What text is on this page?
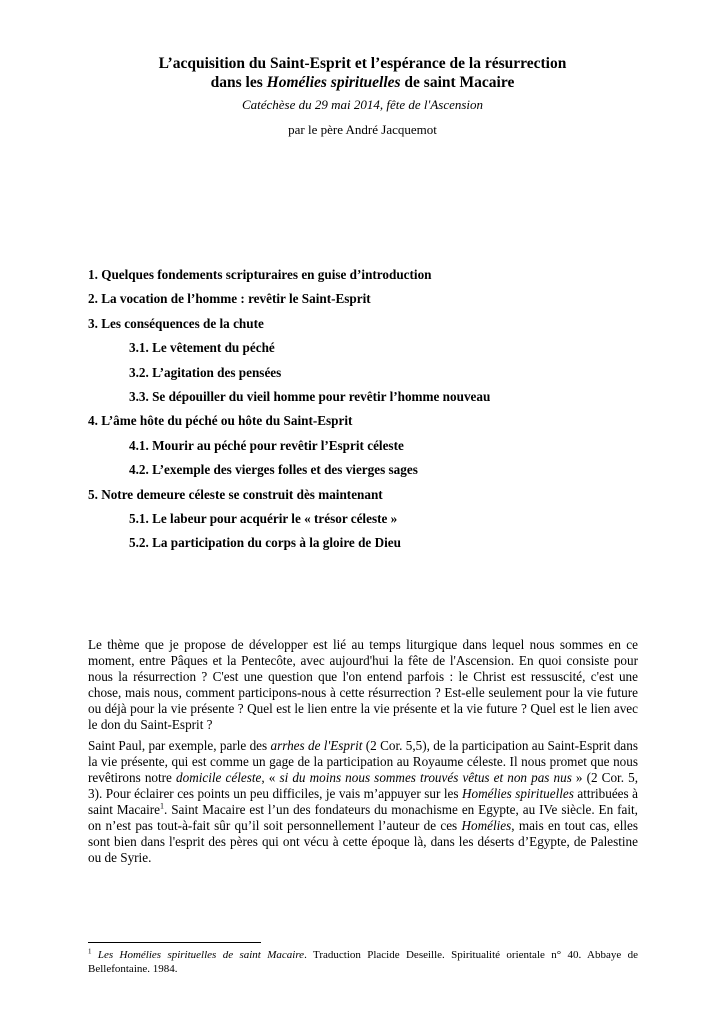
L’acquisition du Saint-Esprit et l’espérance de la résurrection
dans les Homélies spirituelles de saint Macaire
Catéchèse du 29 mai 2014, fête de l'Ascension
par le père André Jacquemot
1. Quelques fondements scripturaires en guise d’introduction
2. La vocation de l’homme : revêtir le Saint-Esprit
3. Les conséquences de la chute
3.1. Le vêtement du péché
3.2. L’agitation des pensées
3.3. Se dépouiller du vieil homme pour revêtir l’homme nouveau
4. L’âme hôte du péché ou hôte du Saint-Esprit
4.1. Mourir au péché pour revêtir l’Esprit céleste
4.2. L’exemple des vierges folles et des vierges sages
5. Notre demeure céleste se construit dès maintenant
5.1. Le labeur pour acquérir le « trésor céleste »
5.2. La participation du corps à la gloire de Dieu

Le thème que je propose de développer est lié au temps liturgique dans lequel nous sommes en ce moment, entre Pâques et la Pentecôte, avec aujourd'hui la fête de l'Ascension. En quoi consiste pour nous la résurrection ? C'est une question que l'on entend parfois : le Christ est ressuscité, c'est une chose, mais nous, comment participons-nous à cette résurrection ? Est-elle seulement pour la vie future ou déjà pour la vie présente ? Quel est le lien entre la vie présente et la vie future ? Quel est le lien avec le don du Saint-Esprit ?

Saint Paul, par exemple, parle des arrhes de l'Esprit (2 Cor. 5,5), de la participation au Saint-Esprit dans la vie présente, qui est comme un gage de la participation au Royaume céleste. Il nous promet que nous revêtirons notre domicile céleste, « si du moins nous sommes trouvés vêtus et non pas nus » (2 Cor. 5, 3). Pour éclairer ces points un peu difficiles, je vais m’appuyer sur les Homélies spirituelles attribuées à saint Macaire$^1$. Saint Macaire est l’un des fondateurs du monachisme en Egypte, au IVe siècle. En fait, on n’est pas tout-à-fait sûr qu’il soit personnellement l’auteur de ces Homélies, mais en tout cas, elles sont bien dans l'esprit des pères qui ont vécu à cette époque là, dans les déserts d’Egypte, de Palestine ou de Syrie.

$^1$ Les Homélies spirituelles de saint Macaire. Traduction Placide Deseille. Spiritualité orientale n° 40. Abbaye de Bellefontaine. 1984.
